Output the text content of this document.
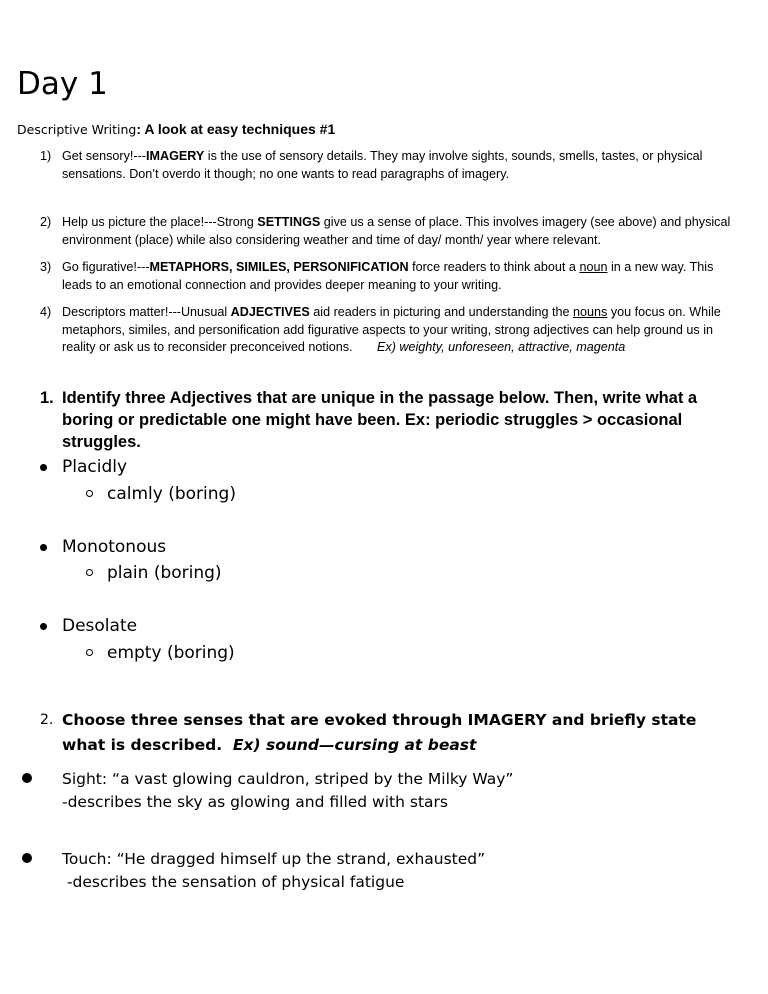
Day 1
Descriptive Writing: A look at easy techniques #1
1) Get sensory!---IMAGERY is the use of sensory details. They may involve sights, sounds, smells, tastes, or physical sensations. Don’t overdo it though; no one wants to read paragraphs of imagery.
2) Help us picture the place!---Strong SETTINGS give us a sense of place. This involves imagery (see above) and physical environment (place) while also considering weather and time of day/ month/ year where relevant.
3) Go figurative!---METAPHORS, SIMILES, PERSONIFICATION force readers to think about a noun in a new way. This leads to an emotional connection and provides deeper meaning to your writing.
4) Descriptors matter!---Unusual ADJECTIVES aid readers in picturing and understanding the nouns you focus on. While metaphors, similes, and personification add figurative aspects to your writing, strong adjectives can help ground us in reality or ask us to reconsider preconceived notions. Ex) weighty, unforeseen, attractive, magenta
1. Identify three Adjectives that are unique in the passage below. Then, write what a boring or predictable one might have been. Ex: periodic struggles > occasional struggles.
Placidly
calmly (boring)
Monotonous
plain (boring)
Desolate
empty (boring)
2. Choose three senses that are evoked through IMAGERY and briefly state what is described. Ex) sound—cursing at beast
Sight: “a vast glowing cauldron, striped by the Milky Way”
-describes the sky as glowing and filled with stars
Touch: “He dragged himself up the strand, exhausted”
-describes the sensation of physical fatigue
